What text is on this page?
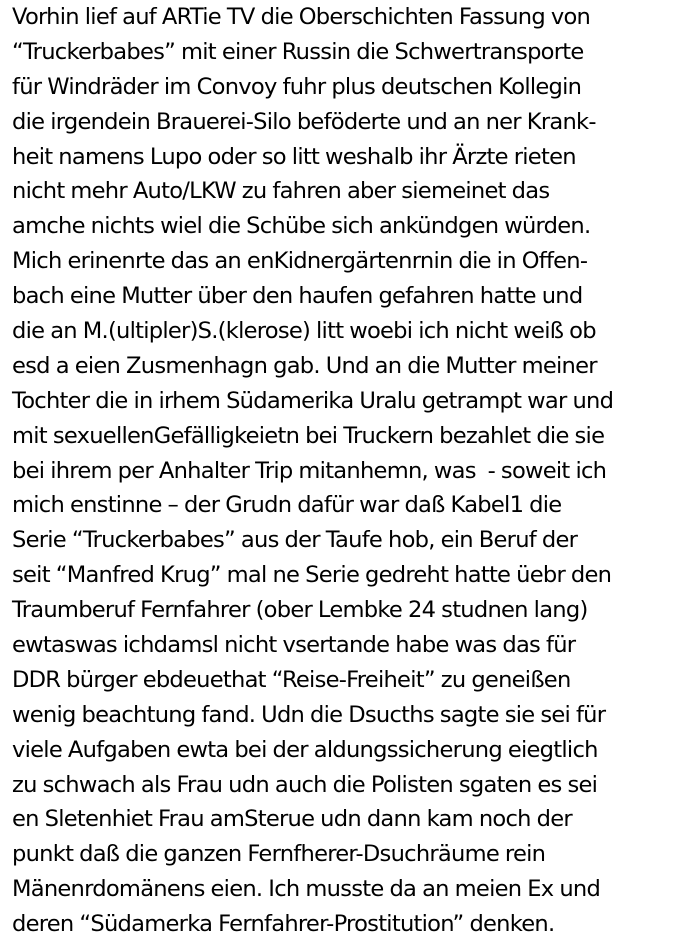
Vorhin lief auf ARTie TV die Oberschichten Fassung von
“Truckerbabes” mit einer Russin die Schwertransporte
für Windräder im Convoy fuhr plus deutschen Kollegin
die irgendein Brauerei-Silo beföderte und an ner Krank-
heit namens Lupo oder so litt weshalb ihr Ärzte rieten
nicht mehr Auto/LKW zu fahren aber siemeinet das
amche nichts wiel die Schübe sich ankündgen würden.
Mich erinenrte das an enKidnergärtenrnin die in Offen-
bach eine Mutter über den haufen gefahren hatte und
die an M.(ultipler)S.(klerose) litt woebi ich nicht weiß ob
esd a eien Zusmenhagn gab. Und an die Mutter meiner
Tochter die in irhem Südamerika Uralu getrampt war und
mit sexuellenGefälligkeietn bei Truckern bezahlet die sie
bei ihrem per Anhalter Trip mitanhemn, was  - soweit ich
mich enstinne – der Grudn dafür war daß Kabel1 die
Serie “Truckerbabes” aus der Taufe hob, ein Beruf der
seit “Manfred Krug” mal ne Serie gedreht hatte üebr den
Traumberuf Fernfahrer (ober Lembke 24 studnen lang)
ewtaswas ichdamsl nicht vsertande habe was das für
DDR bürger ebdeuethat “Reise-Freiheit” zu geneißen
wenig beachtung fand. Udn die Dsucths sagte sie sei für
viele Aufgaben ewta bei der aldungssicherung eiegtlich
zu schwach als Frau udn auch die Polisten sgaten es sei
en Sletenhiet Frau amSterue udn dann kam noch der
punkt daß die ganzen Fernfherer-Dsuchräume rein
Mänenrdomänens eien. Ich musste da an meien Ex und
deren “Südamerka Fernfahrer-Prostitution” denken.
